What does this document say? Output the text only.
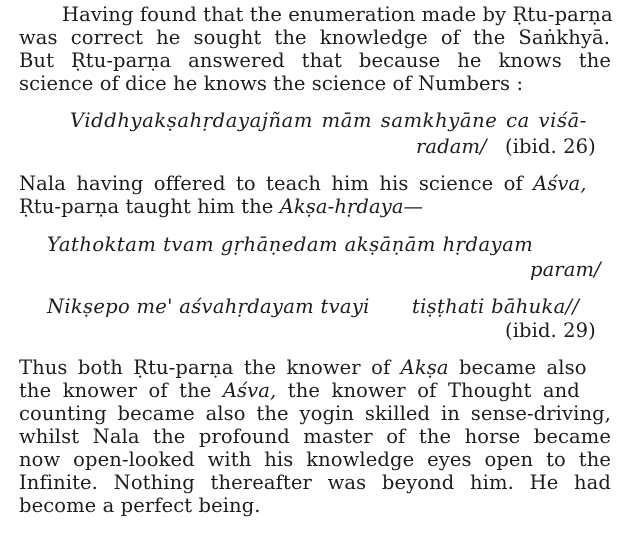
Having found that the enumeration made by Ṛtu-parṇa
was correct he sought the knowledge of the Saṅkhyā.
But Ṛtu-parṇa answered that because he knows the
science of dice he knows the science of Numbers :
Viddhyakṣahṛdayajñam mām samkhyāne ca viśā-
radam/ (ibid. 26)
Nala having offered to teach him his science of Aśva,
Ṛtu-parṇa taught him the Akṣa-hṛdaya—
Yathoktam tvam gṛhāṇedam akṣāṇām hṛdayam
param/
Nikṣepo me' aśvahṛdayam tvayi tiṣṭhati bāhuka//
(ibid. 29)
Thus both Ṛtu-parṇa the knower of Akṣa became also
the knower of the Aśva, the knower of Thought and
counting became also the yogin skilled in sense-driving,
whilst Nala the profound master of the horse became
now open-looked with his knowledge eyes open to the
Infinite. Nothing thereafter was beyond him. He had
become a perfect being.
